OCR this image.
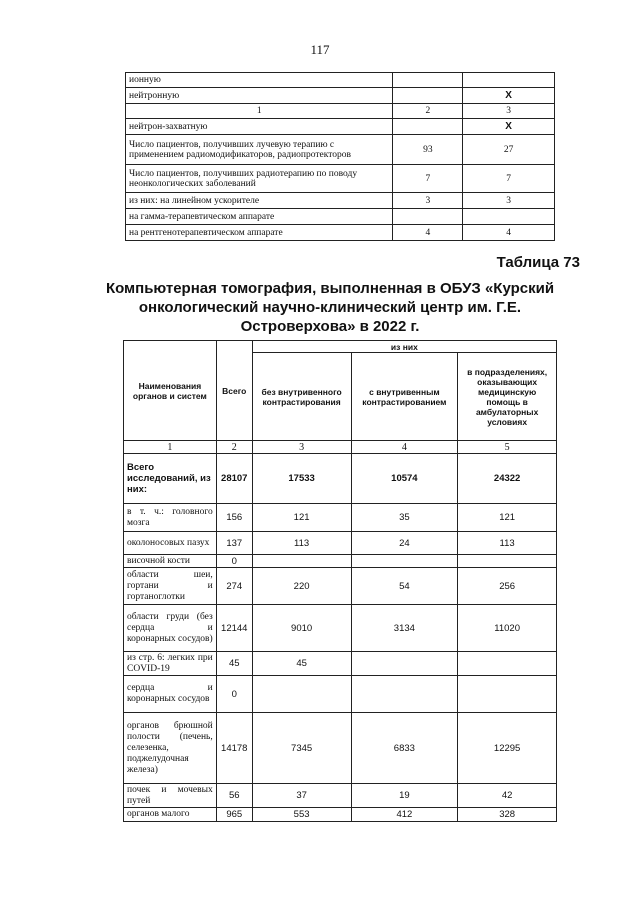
117
ионную		
нейтронную		X
1	2	3
нейтрон-захватную		X
Число пациентов, получивших лучевую терапию с применением радиомодификаторов, радиопротекторов	93	27
Число пациентов, получивших радиотерапию по поводу неонкологических заболеваний	7	7
из них: на линейном ускорителе	3	3
на гамма-терапевтическом аппарате		
на рентгенотерапевтическом аппарате	4	4
Таблица 73
Компьютерная томография, выполненная в ОБУЗ «Курский онкологический научно-клинический центр им. Г.Е. Островерхова» в 2022 г.
Наименования органов и систем	Всего	из них		
		без внутривенного контрастирования	с внутривенным контрастированием	в подразделениях, оказывающих медицинскую помощь в амбулаторных условиях
1	2	3	4	5
Всего исследований, из них:	28107	17533	10574	24322
в т. ч.: головного мозга	156	121	35	121
околоносовых пазух	137	113	24	113
височной кости	0			
области шеи, гортани и гортаноглотки	274	220	54	256
области груди (без сердца и коронарных сосудов)	12144	9010	3134	11020
из стр. 6: легких при COVID-19	45	45		
сердца и коронарных сосудов	0			
органов брюшной полости (печень, селезенка, поджелудочная железа)	14178	7345	6833	12295
почек и мочевых путей	56	37	19	42
органов малого	965	553	412	328
